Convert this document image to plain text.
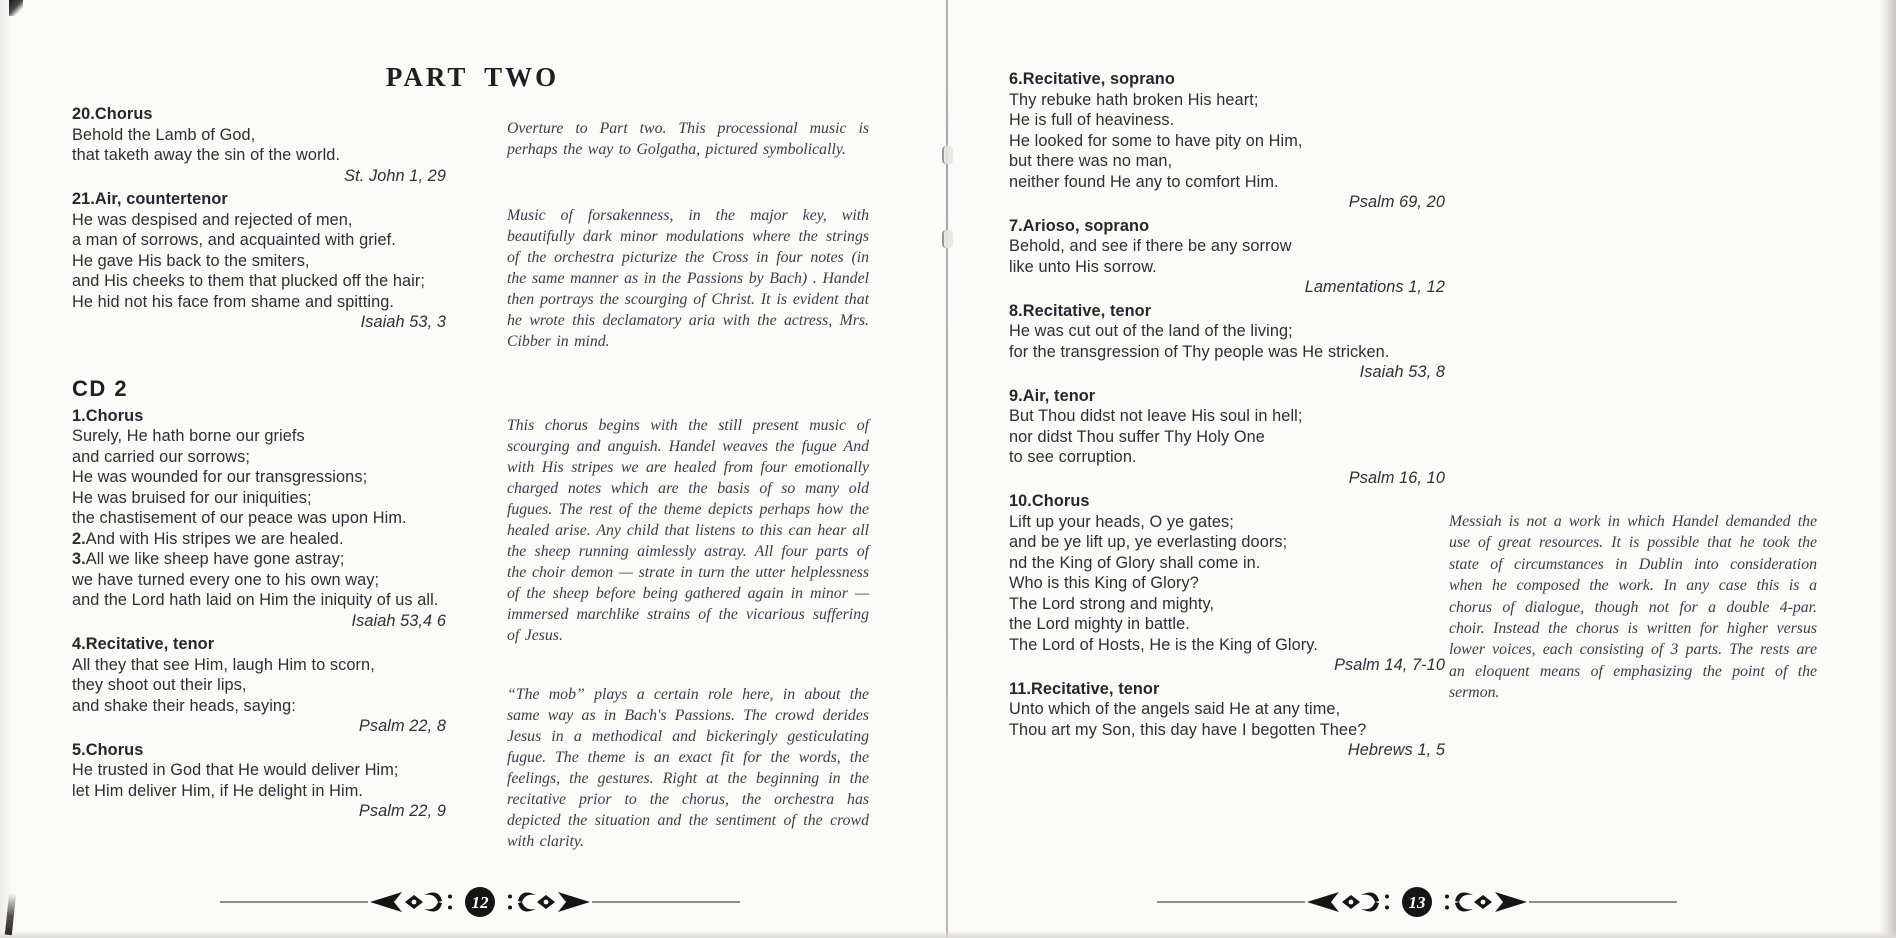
PART TWO
20.Chorus
Behold the Lamb of God,
that taketh away the sin of the world.
St. John 1, 29
21.Air, countertenor
He was despised and rejected of men,
a man of sorrows, and acquainted with grief.
He gave His back to the smiters,
and His cheeks to them that plucked off the hair;
He hid not his face from shame and spitting.
Isaiah 53, 3
CD 2
1.Chorus
Surely, He hath borne our griefs
and carried our sorrows;
He was wounded for our transgressions;
He was bruised for our iniquities;
the chastisement of our peace was upon Him.
2.And with His stripes we are healed.
3.All we like sheep have gone astray;
we have turned every one to his own way;
and the Lord hath laid on Him the iniquity of us all.
Isaiah 53,4 6
4.Recitative, tenor
All they that see Him, laugh Him to scorn,
they shoot out their lips,
and shake their heads, saying:
Psalm 22, 8
5.Chorus
He trusted in God that He would deliver Him;
let Him deliver Him, if He delight in Him.
Psalm 22, 9
Overture to Part two. This processional music is perhaps the way to Golgatha, pictured symbolically.
Music of forsakenness, in the major key, with beautifully dark minor modulations where the strings of the orchestra picturize the Cross in four notes (in the same manner as in the Passions by Bach) . Handel then portrays the scourging of Christ. It is evident that he wrote this declamatory aria with the actress, Mrs. Cibber in mind.
This chorus begins with the still present music of scourging and anguish. Handel weaves the fugue And with His stripes we are healed from four emotionally charged notes which are the basis of so many old fugues. The rest of the theme depicts perhaps how the healed arise. Any child that listens to this can hear all the sheep running aimlessly astray. All four parts of the choir demon — strate in turn the utter helplessness of the sheep before being gathered again in minor — immersed marchlike strains of the vicarious suffering of Jesus.
“The mob” plays a certain role here, in about the same way as in Bach's Passions. The crowd derides Jesus in a methodical and bickeringly gesticulating fugue. The theme is an exact fit for the words, the feelings, the gestures. Right at the beginning in the recitative prior to the chorus, the orchestra has depicted the situation and the sentiment of the crowd with clarity.
6.Recitative, soprano
Thy rebuke hath broken His heart;
He is full of heaviness.
He looked for some to have pity on Him,
but there was no man,
neither found He any to comfort Him.
Psalm 69, 20
7.Arioso, soprano
Behold, and see if there be any sorrow
like unto His sorrow.
Lamentations 1, 12
8.Recitative, tenor
He was cut out of the land of the living;
for the transgression of Thy people was He stricken.
Isaiah 53, 8
9.Air, tenor
But Thou didst not leave His soul in hell;
nor didst Thou suffer Thy Holy One
to see corruption.
Psalm 16, 10
10.Chorus
Lift up your heads, O ye gates;
and be ye lift up, ye everlasting doors;
nd the King of Glory shall come in.
Who is this King of Glory?
The Lord strong and mighty,
the Lord mighty in battle.
The Lord of Hosts, He is the King of Glory.
Psalm 14, 7-10
11.Recitative, tenor
Unto which of the angels said He at any time,
Thou art my Son, this day have I begotten Thee?
Hebrews 1, 5
Messiah is not a work in which Handel demanded the use of great resources. It is possible that he took the state of circumstances in Dublin into consideration when he composed the work. In any case this is a chorus of dialogue, though not for a double 4-par. choir. Instead the chorus is written for higher versus lower voices, each consisting of 3 parts. The rests are an eloquent means of emphasizing the point of the sermon.
12	13
